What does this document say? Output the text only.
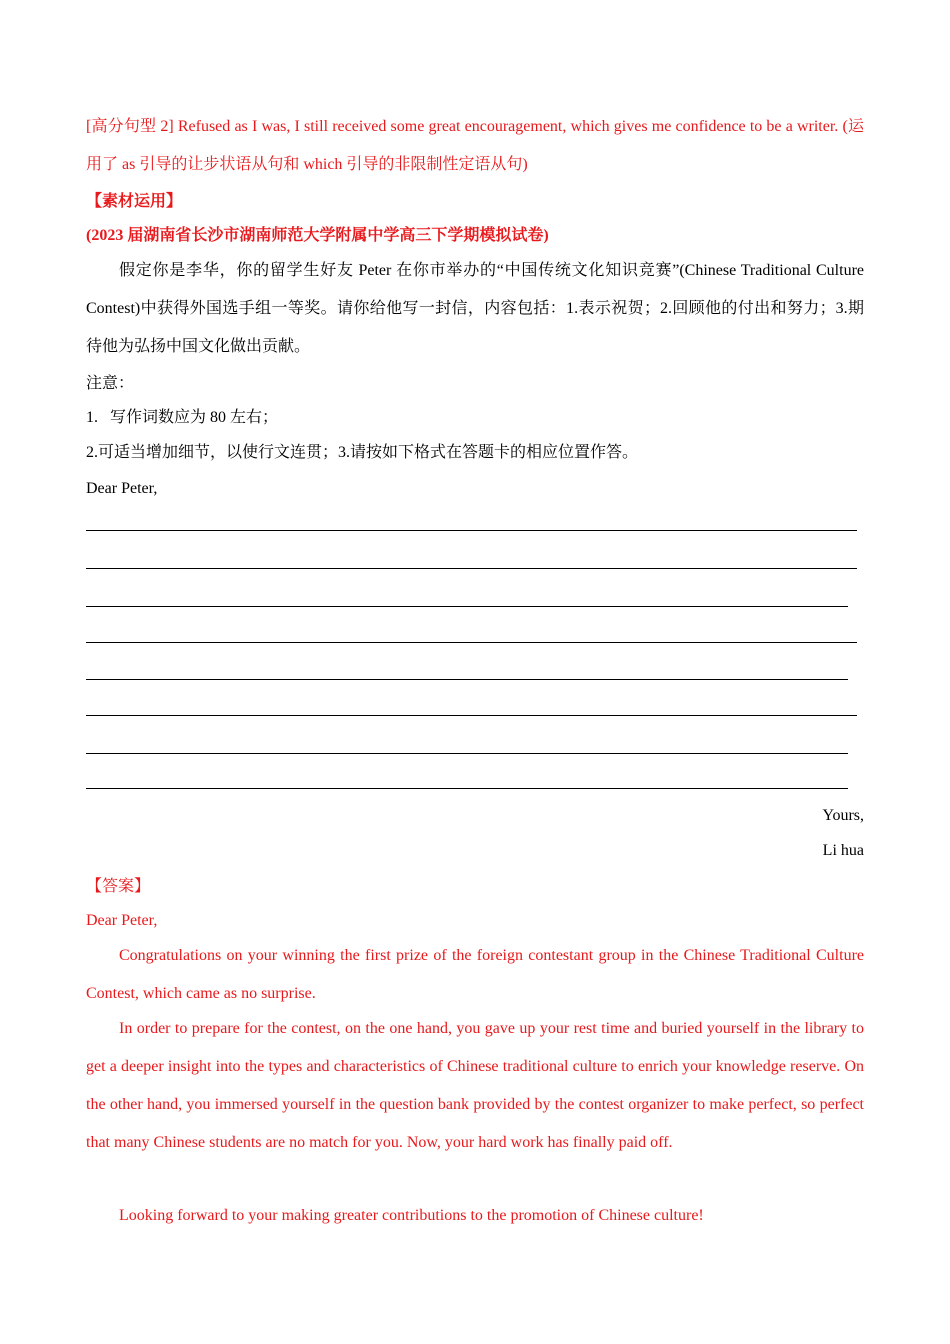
[高分句型 2] Refused as I was, I still received some great encouragement, which gives me confidence to be a writer. (运用了 as 引导的让步状语从句和 which 引导的非限制性定语从句)
【素材运用】
(2023 届湖南省长沙市湖南师范大学附属中学高三下学期模拟试卷)
假定你是李华，你的留学生好友 Peter 在你市举办的“中国传统文化知识竞赛”(Chinese Traditional Culture Contest)中获得外国选手组一等奖。请你给他写一封信，内容包括：1.表示祝贺；2.回顾他的付出和努力；3.期待他为弘扬中国文化做出贡献。
注意：
1. 写作词数应为 80 左右；
2.可适当增加细节，以使行文连贯；3.请按如下格式在答题卡的相应位置作答。
Dear Peter,
Yours,
Li hua
【答案】
Dear Peter,
Congratulations on your winning the first prize of the foreign contestant group in the Chinese Traditional Culture Contest, which came as no surprise.
In order to prepare for the contest, on the one hand, you gave up your rest time and buried yourself in the library to get a deeper insight into the types and characteristics of Chinese traditional culture to enrich your knowledge reserve. On the other hand, you immersed yourself in the question bank provided by the contest organizer to make perfect, so perfect that many Chinese students are no match for you. Now, your hard work has finally paid off.
Looking forward to your making greater contributions to the promotion of Chinese culture!
